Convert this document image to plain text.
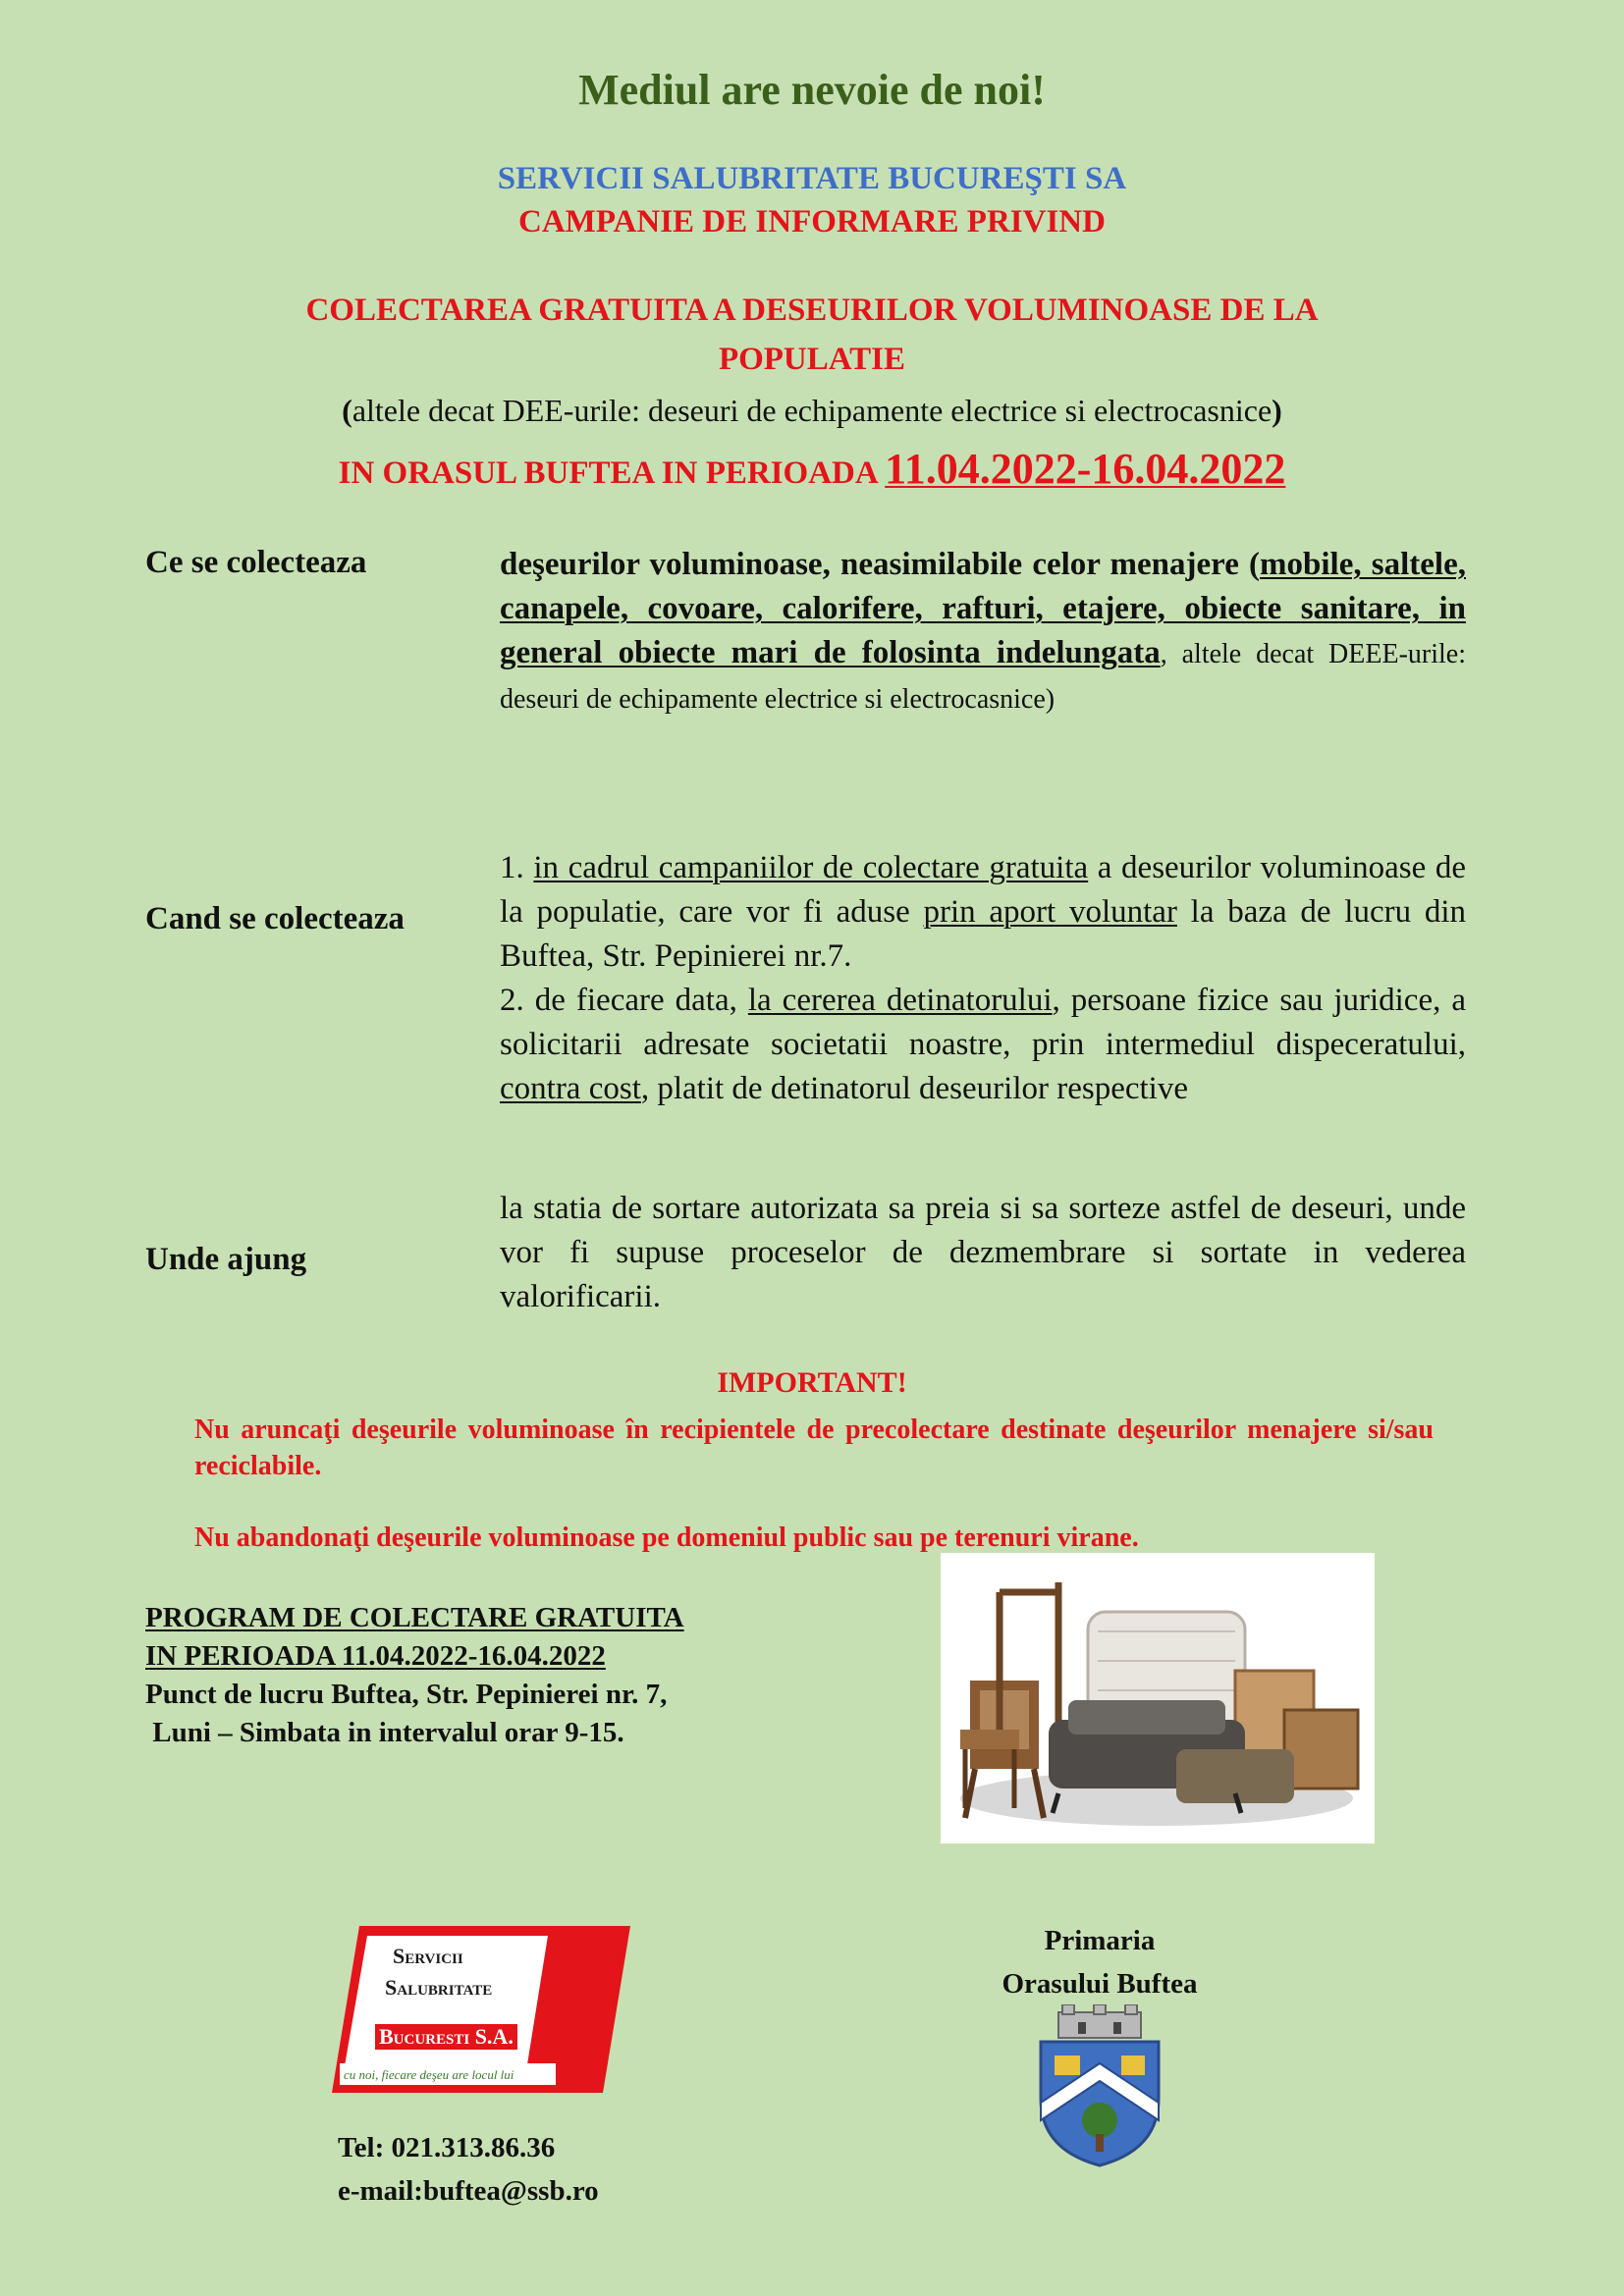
Mediul are nevoie de noi!
SERVICII SALUBRITATE BUCUREŞTI SA
CAMPANIE DE INFORMARE PRIVIND
COLECTAREA GRATUITA A DESEURILOR VOLUMINOASE DE LA
POPULATIE
(altele decat DEE-urile: deseuri de echipamente electrice si electrocasnice)
IN ORASUL BUFTEA IN PERIOADA 11.04.2022-16.04.2022
Ce se colecteaza	deşeurilor voluminoase, neasimilabile celor menajere (mobile, saltele, canapele, covoare, calorifere, rafturi, etajere, obiecte sanitare, in general obiecte mari de folosinta indelungata, altele decat DEEE-urile: deseuri de echipamente electrice si electrocasnice)
Cand se colecteaza
1. in cadrul campaniilor de colectare gratuita a deseurilor voluminoase de la populatie, care vor fi aduse prin aport voluntar la baza de lucru din Buftea, Str. Pepinierei nr.7.
2. de fiecare data, la cererea detinatorului, persoane fizice sau juridice, a solicitarii adresate societatii noastre, prin intermediul dispeceratului, contra cost, platit de detinatorul deseurilor respective
Unde ajung
la statia de sortare autorizata sa preia si sa sorteze astfel de deseuri, unde vor fi supuse proceselor de dezmembrare si sortate in vederea valorificarii.
IMPORTANT!
Nu aruncaţi deşeurile voluminoase în recipientele de precolectare destinate deşeurilor menajere si/sau reciclabile.
Nu abandonaţi deşeurile voluminoase pe domeniul public sau pe terenuri virane.
PROGRAM DE COLECTARE GRATUITA
IN PERIOADA 11.04.2022-16.04.2022
Punct de lucru Buftea, Str. Pepinierei nr. 7,
Luni – Simbata in intervalul orar 9-15.
Servicii
Salubritate
Bucuresti S.A.
cu noi, fiecare deşeu are locul lui
Tel: 021.313.86.36
e-mail:buftea@ssb.ro
Primaria
Orasului Buftea
